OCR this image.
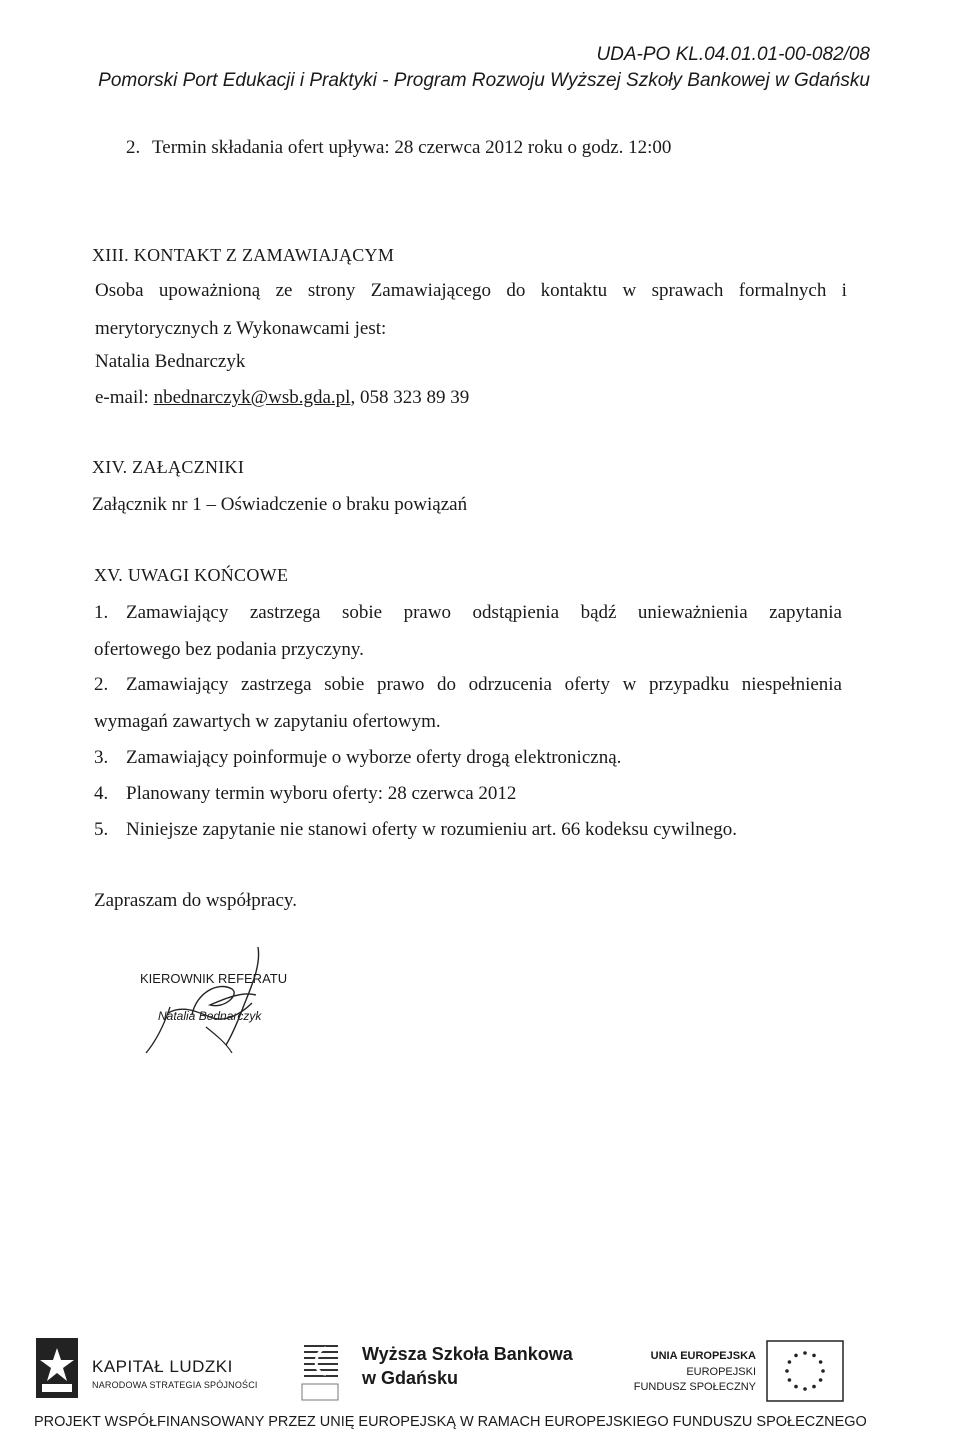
UDA-PO KL.04.01.01-00-082/08
Pomorski Port Edukacji i Praktyki - Program Rozwoju Wyższej Szkoły Bankowej w Gdańsku
2. Termin składania ofert upływa: 28 czerwca 2012 roku o godz. 12:00
XIII. KONTAKT Z ZAMAWIAJĄCYM
Osoba upoważnioną ze strony Zamawiającego do kontaktu w sprawach formalnych i
merytorycznych z Wykonawcami jest:
Natalia Bednarczyk
e-mail: nbednarczyk@wsb.gda.pl, 058 323 89 39
XIV. ZAŁĄCZNIKI
Załącznik nr 1 – Oświadczenie o braku powiązań
XV. UWAGI KOŃCOWE
1. Zamawiający zastrzega sobie prawo odstąpienia bądź unieważnienia zapytania
ofertowego bez podania przyczyny.
2. Zamawiający zastrzega sobie prawo do odrzucenia oferty w przypadku niespełnienia
wymagań zawartych w zapytaniu ofertowym.
3. Zamawiający poinformuje o wyborze oferty drogą elektroniczną.
4. Planowany termin wyboru oferty: 28 czerwca 2012
5. Niniejsze zapytanie nie stanowi oferty w rozumieniu art. 66 kodeksu cywilnego.
Zapraszam do współpracy.
KIEROWNIK REFERATU
Natalia Bednarczyk
KAPITAŁ LUDZKI
NARODOWA STRATEGIA SPÓJNOŚCI
Wyższa Szkoła Bankowa
w Gdańsku
UNIA EUROPEJSKA
EUROPEJSKI
FUNDUSZ SPOŁECZNY
PROJEKT WSPÓŁFINANSOWANY PRZEZ UNIĘ EUROPEJSKĄ W RAMACH EUROPEJSKIEGO FUNDUSZU SPOŁECZNEGO
